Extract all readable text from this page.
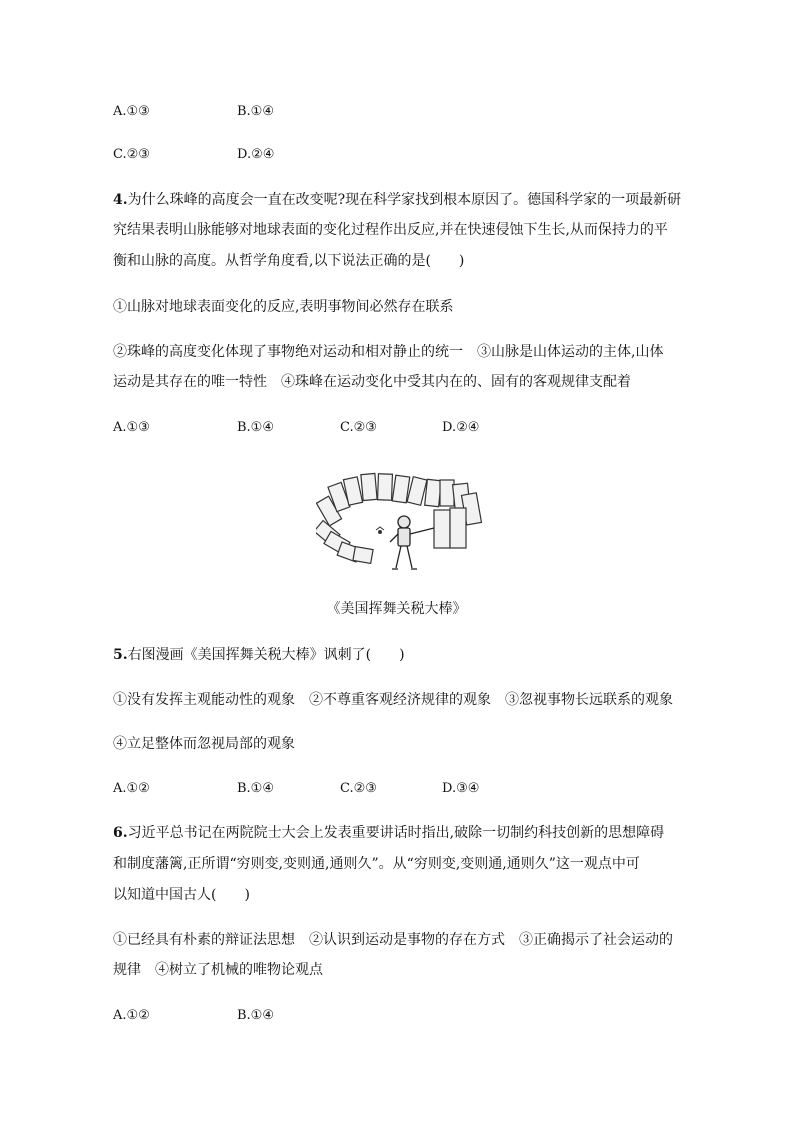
A.①③	B.①④
C.②③	D.②④
4.为什么珠峰的高度会一直在改变呢?现在科学家找到根本原因了。德国科学家的一项最新研
究结果表明山脉能够对地球表面的变化过程作出反应,并在快速侵蚀下生长,从而保持力的平
衡和山脉的高度。从哲学角度看,以下说法正确的是(　　)
①山脉对地球表面变化的反应,表明事物间必然存在联系
②珠峰的高度变化体现了事物绝对运动和相对静止的统一　③山脉是山体运动的主体,山体
运动是其存在的唯一特性　④珠峰在运动变化中受其内在的、固有的客观规律支配着
A.①③	B.①④	C.②③	D.②④
《美国挥舞关税大棒》
5.右图漫画《美国挥舞关税大棒》讽刺了(　　)
①没有发挥主观能动性的观象　②不尊重客观经济规律的观象　③忽视事物长远联系的观象
④立足整体而忽视局部的观象
A.①②	B.①④	C.②③	D.③④
6.习近平总书记在两院院士大会上发表重要讲话时指出,破除一切制约科技创新的思想障碍
和制度藩篱,正所谓“穷则变,变则通,通则久”。从“穷则变,变则通,通则久”这一观点中可
以知道中国古人(　　)
①已经具有朴素的辩证法思想　②认识到运动是事物的存在方式　③正确揭示了社会运动的
规律　④树立了机械的唯物论观点
A.①②	B.①④
